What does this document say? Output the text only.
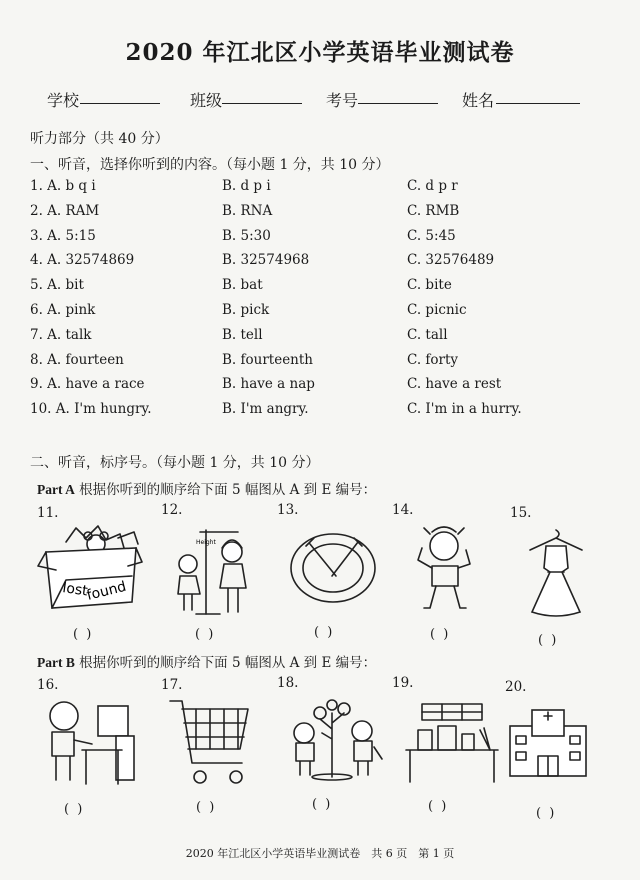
2020 年江北区小学英语毕业测试卷
学校	班级	考号	姓名
听力部分（共 40 分）
一、听音，选择你听到的内容。（每小题 1 分，共 10 分）
1. A. b q i	B. d p i	C. d p r
2. A. RAM	B. RNA	C. RMB
3. A. 5:15	B. 5:30	C. 5:45
4. A. 32574869	B. 32574968	C. 32576489
5. A. bit	B. bat	C. bite
6. A. pink	B. pick	C. picnic
7. A. talk	B. tell	C. tall
8. A. fourteen	B. fourteenth	C. forty
9. A. have a race	B. have a nap	C. have a rest
10. A. I'm hungry.	B. I'm angry.	C. I'm in a hurry.
二、听音，标序号。（每小题 1 分，共 10 分）
Part A 根据你听到的顺序给下面 5 幅图从 A 到 E 编号：
11.	12.	13.	14.	15.
lost
found
Height
( )	( )	( )	( )	( )
Part B 根据你听到的顺序给下面 5 幅图从 A 到 E 编号：
16.	17.	18.	19.	20.
( )	( )	( )	( )	( )
2020 年江北区小学英语毕业测试卷　共 6 页　第 1 页
